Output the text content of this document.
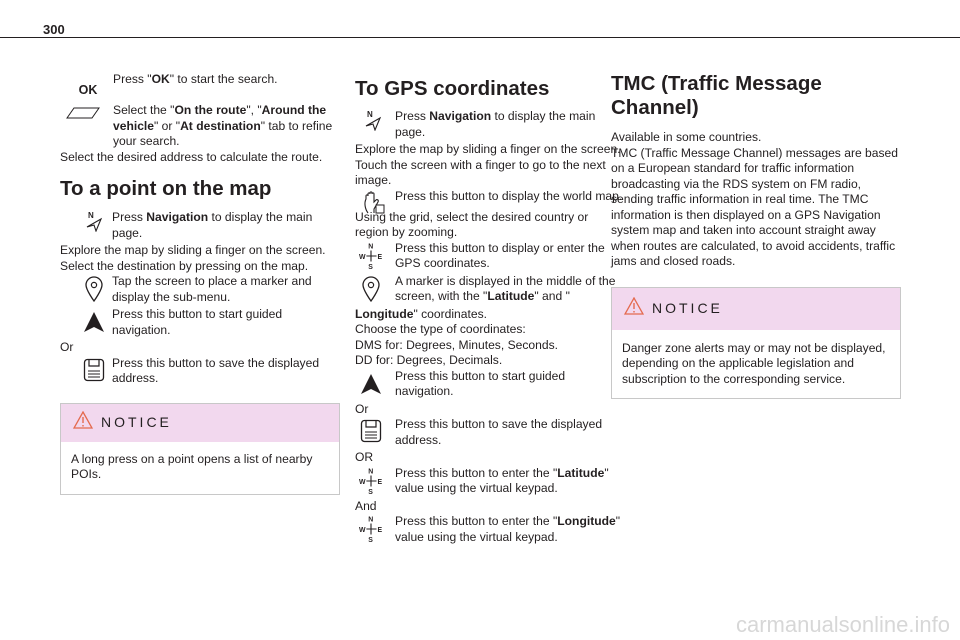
300
OK
Press "OK" to start the search.
Select the "On the route", "Around the vehicle" or "At destination" tab to refine your search.

Select the desired address to calculate the route.

To a point on the map
N Press Navigation to display the main page.

Explore the map by sliding a finger on the screen.

Select the destination by pressing on the map.

Tap the screen to place a marker and display the sub-menu.
Press this button to start guided navigation.

Or

Press this button to save the displayed address.
NOTICE
A long press on a point opens a list of nearby POIs.
To GPS coordinates
N Press Navigation to display the main page.

Explore the map by sliding a finger on the screen.

Touch the screen with a finger to go to the next image.

Press this button to display the world map.

Using the grid, select the desired country or region by zooming.

N
S
W E
Press this button to display or enter the GPS coordinates.
A marker is displayed in the middle of the screen, with the "Latitude" and "

Longitude" coordinates.

Choose the type of coordinates:

DMS for: Degrees, Minutes, Seconds.

DD for: Degrees, Decimals.

Press this button to start guided navigation.

Or

Press this button to save the displayed address.

OR

N
S
W E
Press this button to enter the "Latitude" value using the virtual keypad.

And

N
S
W E
Press this button to enter the "Longitude" value using the virtual keypad.
TMC (Traffic Message
Channel)

Available in some countries.

TMC (Traffic Message Channel) messages are based on a European standard for traffic information broadcasting via the RDS system on FM radio, sending traffic information in real time. The TMC information is then displayed on a GPS Navigation system map and taken into account straight away when routes are calculated, to avoid accidents, traffic jams and closed roads.

NOTICE
Danger zone alerts may or may not be displayed, depending on the applicable legislation and subscription to the corresponding service.
carmanualsonline.info
